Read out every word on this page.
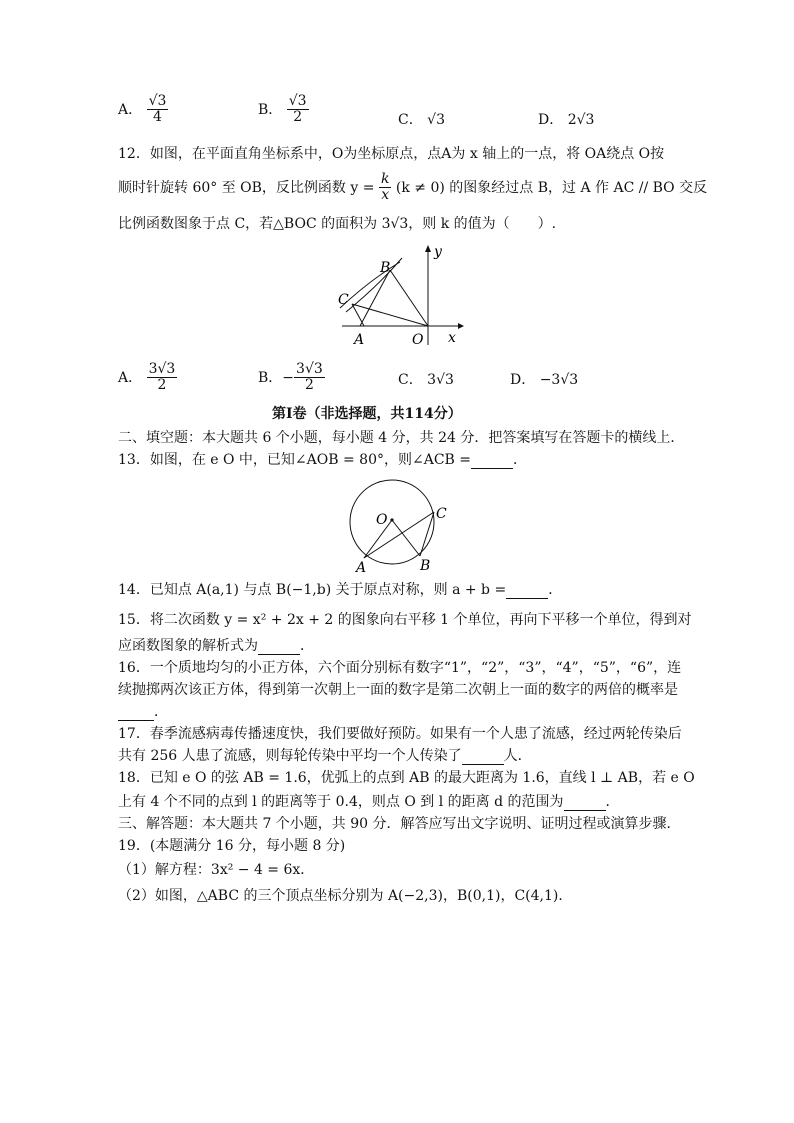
A． $\frac{√3}{4}$	B． $\frac{√3}{2}$	C． √3	D． 2√3
12．如图，在平面直角坐标系中，O为坐标原点，点A为 x 轴上的一点，将 OA绕点 O按
顺时针旋转 60° 至 OB，反比例函数 $y = \frac{k}{x} (k \ne 0)$ 的图象经过点 B，过 A 作 AC // BO 交反
比例函数图象于点 C，若△BOC 的面积为 3√3，则 k 的值为（　　）.
B
C
A	O x
y
A． $\frac{3√3}{2}$	B．− $\frac{3√3}{2}$	C． 3√3	D． −3√3
第Ⅰ卷（非选择题，共114分）
二、填空题：本大题共 6 个小题，每小题 4 分，共 24 分．把答案填写在答题卡的横线上．
13．如图，在 e O 中，已知∠AOB = 80°，则∠ACB =	．
O	C
A	B
14．已知点 A(a,1) 与点 B(−1,b) 关于原点对称，则 a + b =	．
15．将二次函数 y = x² + 2x + 2 的图象向右平移 1 个单位，再向下平移一个单位，得到对
应函数图象的解析式为	．
16．一个质地均匀的小正方体，六个面分别标有数字“1”，“2”，“3”，“4”，“5”，“6”，连
续抛掷两次该正方体，得到第一次朝上一面的数字是第二次朝上一面的数字的两倍的概率是
．
17．春季流感病毒传播速度快，我们要做好预防。如果有一个人患了流感，经过两轮传染后
共有 256 人患了流感，则每轮传染中平均一个人传染了	人．
18．已知 e O 的弦 AB = 1.6，优弧上的点到 AB 的最大距离为 1.6，直线 l ⊥ AB，若 e O
上有 4 个不同的点到 l 的距离等于 0.4，则点 O 到 l 的距离 d 的范围为	．
三、解答题：本大题共 7 个小题，共 90 分．解答应写出文字说明、证明过程或演算步骤．
19．(本题满分 16 分，每小题 8 分)
（1）解方程：3x² − 4 = 6x．
（2）如图，△ABC 的三个顶点坐标分别为 A(−2,3)，B(0,1)，C(4,1)．
